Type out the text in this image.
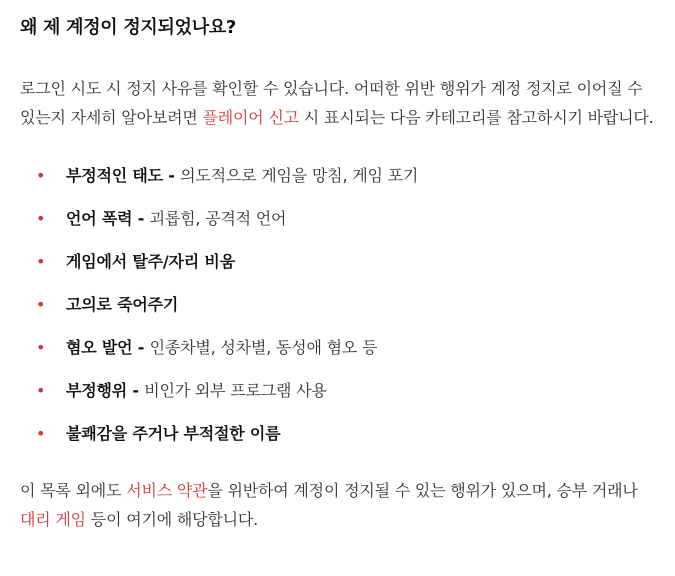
왜 제 계정이 정지되었나요?

로그인 시도 시 정지 사유를 확인할 수 있습니다. 어떠한 위반 행위가 계정 정지로 이어질 수 있는지 자세히 알아보려면 플레이어 신고 시 표시되는 다음 카테고리를 참고하시기 바랍니다.

• 부정적인 태도 - 의도적으로 게임을 망침, 게임 포기
• 언어 폭력 - 괴롭힘, 공격적 언어
• 게임에서 탈주/자리 비움
• 고의로 죽어주기
• 혐오 발언 - 인종차별, 성차별, 동성애 혐오 등
• 부정행위 - 비인가 외부 프로그램 사용
• 불쾌감을 주거나 부적절한 이름

이 목록 외에도 서비스 약관을 위반하여 계정이 정지될 수 있는 행위가 있으며, 승부 거래나 대리 게임 등이 여기에 해당합니다.
